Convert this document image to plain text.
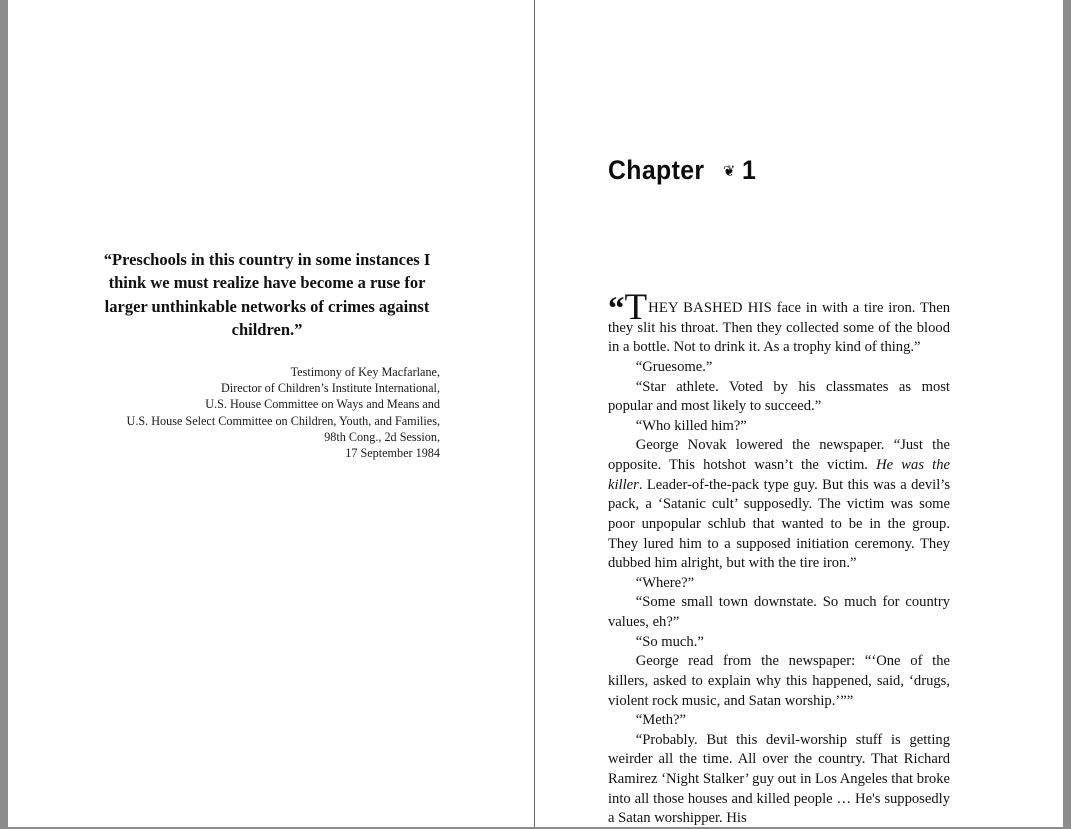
“Preschools in this country in some instances I think we must realize have become a ruse for larger unthinkable networks of crimes against children.”
Testimony of Key Macfarlane,
Director of Children’s Institute International,
U.S. House Committee on Ways and Means and
U.S. House Select Committee on Children, Youth, and Families,
98th Cong., 2d Session,
17 September 1984
Chapter ❦ 1

“THEY BASHED HIS face in with a tire iron. Then they slit his throat. Then they collected some of the blood in a bottle. Not to drink it. As a trophy kind of thing.”

“Gruesome.”

“Star athlete. Voted by his classmates as most popular and most likely to succeed.”

“Who killed him?”

George Novak lowered the newspaper. “Just the opposite. This hotshot wasn’t the victim. He was the killer. Leader-of-the-pack type guy. But this was a devil’s pack, a ‘Satanic cult’ supposedly. The victim was some poor unpopular schlub that wanted to be in the group. They lured him to a supposed initiation ceremony. They dubbed him alright, but with the tire iron.”

“Where?”

“Some small town downstate. So much for country values, eh?”

“So much.”

George read from the newspaper: “‘One of the killers, asked to explain why this happened, said, ‘drugs, violent rock music, and Satan worship.’””

“Meth?”

“Probably. But this devil-worship stuff is getting weirder all the time. All over the country. That Richard Ramirez ‘Night Stalker’ guy out in Los Angeles that broke into all those houses and killed people … He's supposedly a Satan worshipper. His
